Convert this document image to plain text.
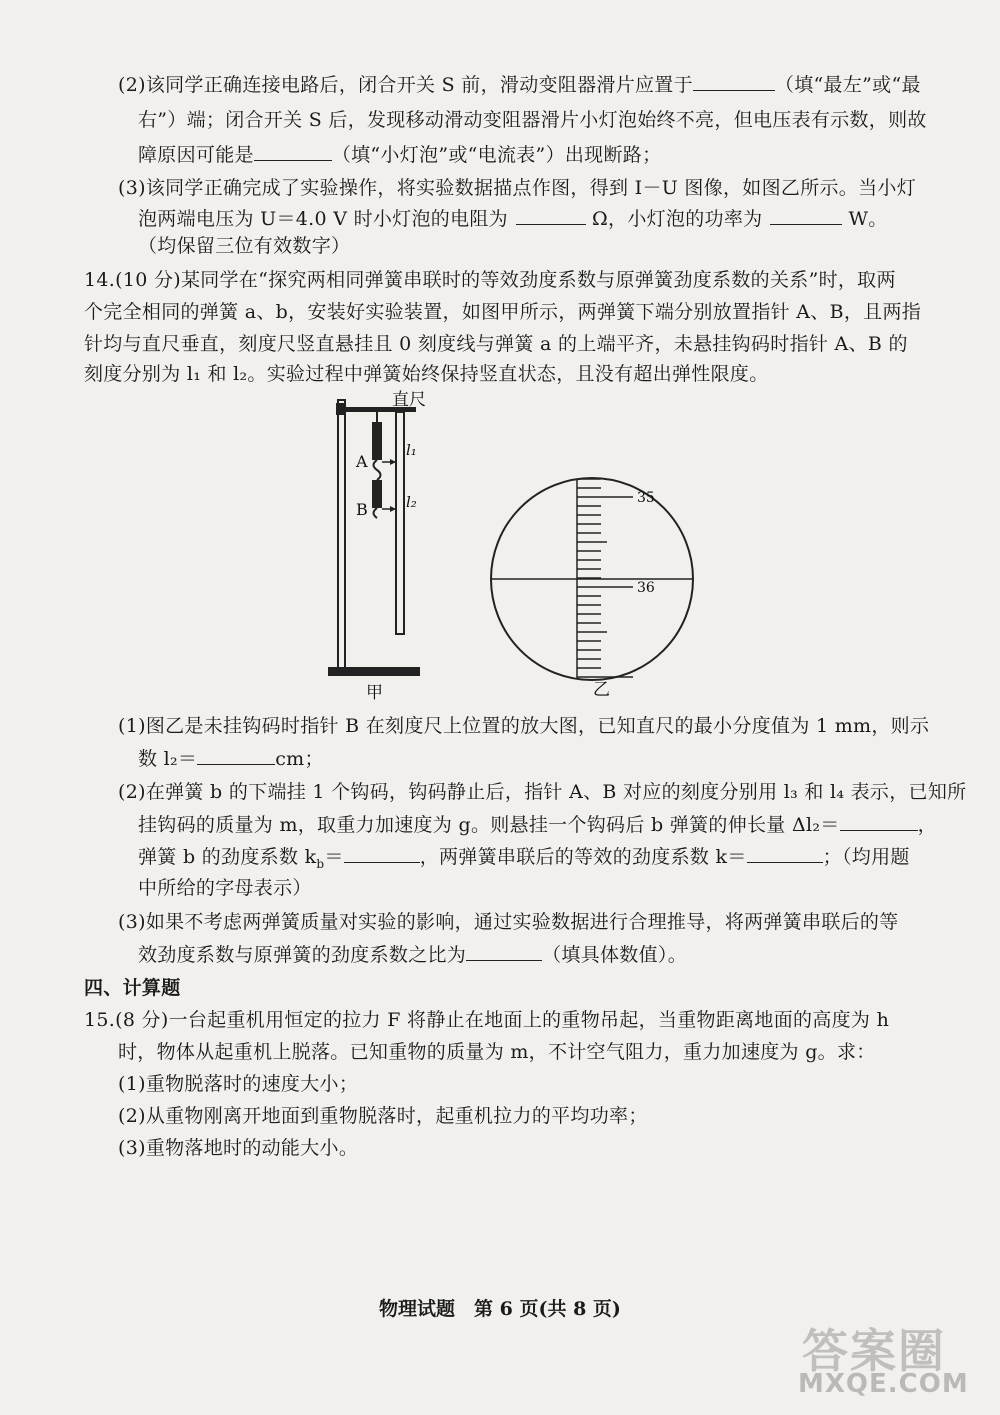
(2)该同学正确连接电路后，闭合开关 S 前，滑动变阻器滑片应置于	（填“最左”或“最
右”）端；闭合开关 S 后，发现移动滑动变阻器滑片小灯泡始终不亮，但电压表有示数，则故
障原因可能是	（填“小灯泡”或“电流表”）出现断路；
(3)该同学正确完成了实验操作，将实验数据描点作图，得到 I－U 图像，如图乙所示。当小灯
泡两端电压为 U＝4.0 V 时小灯泡的电阻为	Ω，小灯泡的功率为	W。
（均保留三位有效数字）
14.(10 分)某同学在“探究两相同弹簧串联时的等效劲度系数与原弹簧劲度系数的关系”时，取两
个完全相同的弹簧 a、b，安装好实验装置，如图甲所示，两弹簧下端分别放置指针 A、B，且两指
针均与直尺垂直，刻度尺竖直悬挂且 0 刻度线与弹簧 a 的上端平齐，未悬挂钩码时指针 A、B 的
刻度分别为 l₁ 和 l₂。实验过程中弹簧始终保持竖直状态，且没有超出弹性限度。
直尺
A
B
l₁
l₂
甲
35
36
乙
(1)图乙是未挂钩码时指针 B 在刻度尺上位置的放大图，已知直尺的最小分度值为 1 mm，则示
数 l₂＝	cm；
(2)在弹簧 b 的下端挂 1 个钩码，钩码静止后，指针 A、B 对应的刻度分别用 l₃ 和 l₄ 表示，已知所
挂钩码的质量为 m，取重力加速度为 g。则悬挂一个钩码后 b 弹簧的伸长量 Δl₂＝	，
弹簧 b 的劲度系数 $k_b=$	，两弹簧串联后的等效的劲度系数 k＝	；（均用题
中所给的字母表示）
(3)如果不考虑两弹簧质量对实验的影响，通过实验数据进行合理推导，将两弹簧串联后的等
效劲度系数与原弹簧的劲度系数之比为	（填具体数值）。
四、计算题
15.(8 分)一台起重机用恒定的拉力 F 将静止在地面上的重物吊起，当重物距离地面的高度为 h
时，物体从起重机上脱落。已知重物的质量为 m，不计空气阻力，重力加速度为 g。求：
(1)重物脱落时的速度大小；
(2)从重物刚离开地面到重物脱落时，起重机拉力的平均功率；
(3)重物落地时的动能大小。
物理试题　第 6 页(共 8 页)
答案圈
MXQE.COM
